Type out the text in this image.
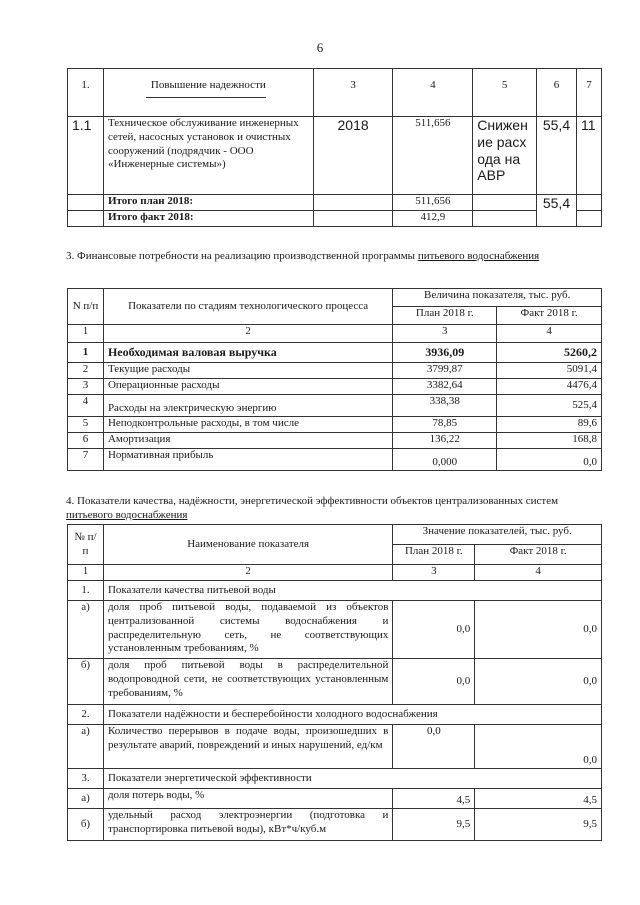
6
1.	Повышение надежности	3	4	5	6	7
1.1	Техническое обслуживание инженерных сетей, насосных установок и очистных сооружений (подрядчик - ООО «Инженерные системы»)	2018	511,656	Снижение расхода на АВР	55,4	11
	Итого план 2018:		511,656		55,4	
	Итого факт 2018:		412,9			
3. Финансовые потребности на реализацию производственной программы питьевого водоснабжения
N п/п	Показатели по стадиям технологического процесса	Величина показателя, тыс. руб.	
		План 2018 г.	Факт 2018 г.
1	2	3	4
1	Необходимая валовая выручка	3936,09	5260,2
2	Текущие расходы	3799,87	5091,4
3	Операционные расходы	3382,64	4476,4
4	Расходы на электрическую энергию	338,38	525,4
5	Неподконтрольные расходы, в том числе	78,85	89,6
6	Амортизация	136,22	168,8
7	Нормативная прибыль	0,000	0,0
4. Показатели качества, надёжности, энергетической эффективности объектов централизованных систем
питьевого водоснабжения
№ п/п	Наименование показателя	Значение показателей, тыс. руб.	
		План 2018 г.	Факт 2018 г.
1	2	3	4
1.	Показатели качества питьевой воды		
а)	доля проб питьевой воды, подаваемой из объектов централизованной системы водоснабжения и распределительную сеть, не соответствующих установленным требованиям, %	0,0	0,0
б)	доля проб питьевой воды в распределительной водопроводной сети, не соответствующих установленным требованиям, %	0,0	0,0
2.	Показатели надёжности и бесперебойности холодного водоснабжения		
а)	Количество перерывов в подаче воды, произошедших в результате аварий, повреждений и иных нарушений, ед/км	0,0	0,0
3.	Показатели энергетической эффективности		
а)	доля потерь воды, %	4,5	4,5
б)	удельный расход электроэнергии (подготовка и транспортировка питьевой воды), кВт*ч/куб.м	9,5	9,5
